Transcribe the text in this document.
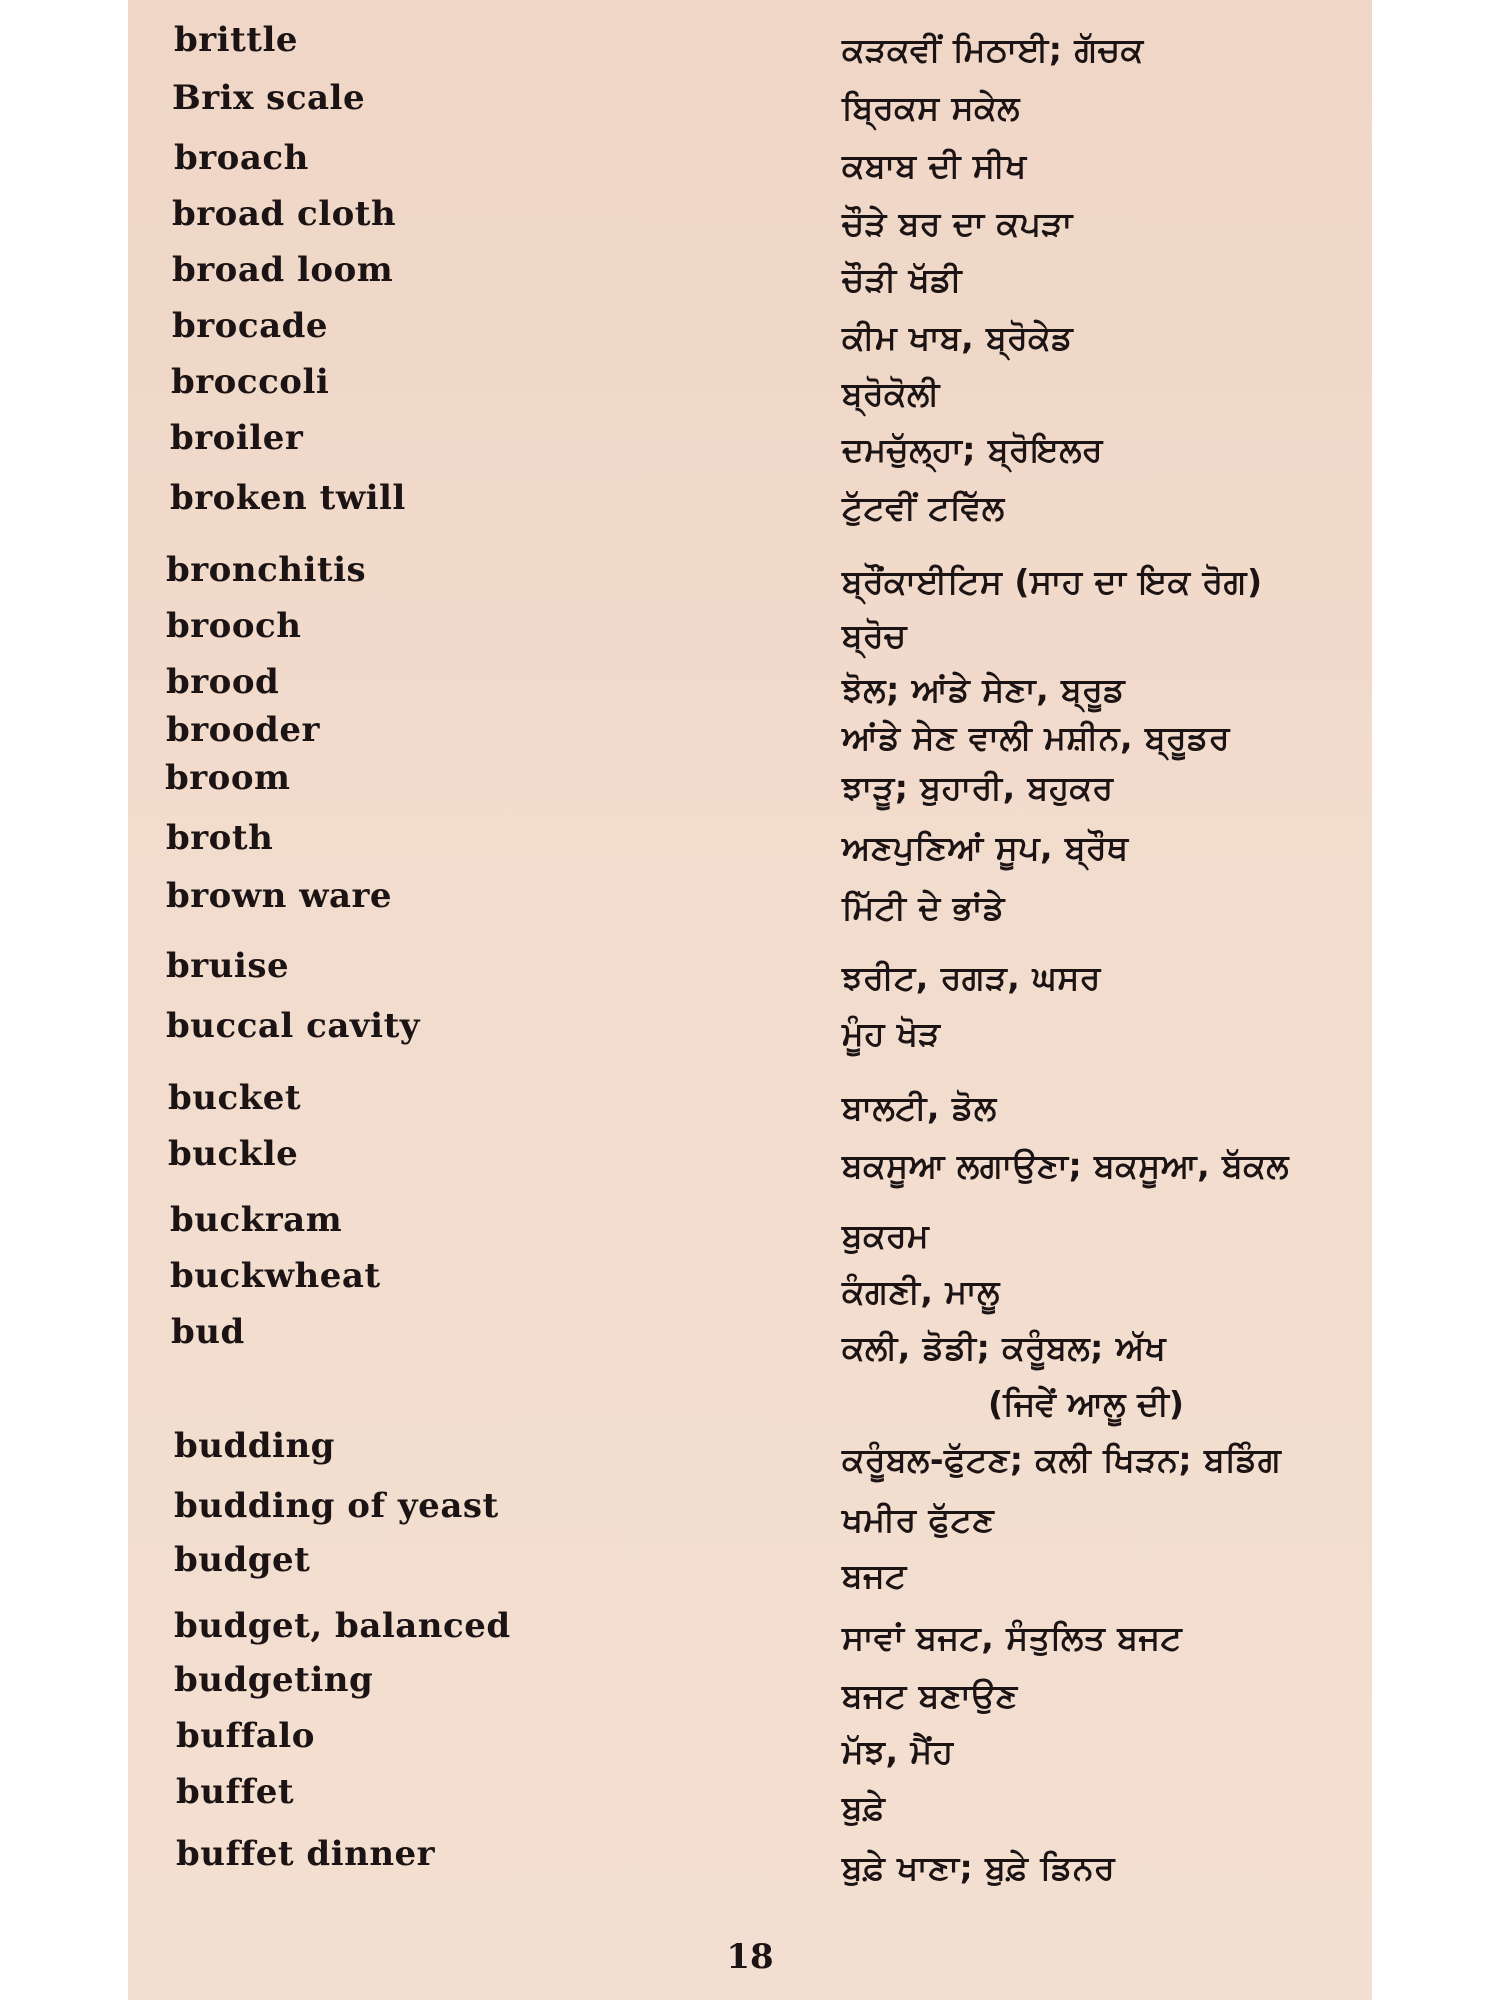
brittle
Brix scale
broach
broad cloth
broad loom
brocade
broccoli
broiler
broken twill
bronchitis
brooch
brood
brooder
broom
broth
brown ware
bruise
buccal cavity
bucket
buckle
buckram
buckwheat
bud
budding
budding of yeast
budget
budget, balanced
budgeting
buffalo
buffet
buffet dinner
ਕੜਕਵੀਂ ਮਿਠਾਈ; ਗੱਚਕ
ਬ੍ਰਿਕਸ ਸਕੇਲ
ਕਬਾਬ ਦੀ ਸੀਖ
ਚੌੜੇ ਬਰ ਦਾ ਕਪੜਾ
ਚੌੜੀ ਖੱਡੀ
ਕੀਮ ਖਾਬ, ਬ੍ਰੋਕੇਡ
ਬ੍ਰੋਕੋਲੀ
ਦਮਚੁੱਲ੍ਹਾ; ਬ੍ਰੋਇਲਰ
ਟੁੱਟਵੀਂ ਟਵਿੱਲ
ਬ੍ਰੌਂਕਾਈਟਿਸ (ਸਾਹ ਦਾ ਇਕ ਰੋਗ)
ਬ੍ਰੋਚ
ਝੋਲ; ਆਂਡੇ ਸੇਣਾ, ਬ੍ਰੂਡ
ਆਂਡੇ ਸੇਣ ਵਾਲੀ ਮਸ਼ੀਨ, ਬ੍ਰੂਡਰ
ਝਾੜੂ; ਬੁਹਾਰੀ, ਬਹੁਕਰ
ਅਣਪੁਣਿਆਂ ਸੂਪ, ਬ੍ਰੌਥ
ਮਿੱਟੀ ਦੇ ਭਾਂਡੇ
ਝਰੀਟ, ਰਗੜ, ਘਸਰ
ਮੂੰਹ ਖੋੜ
ਬਾਲਟੀ, ਡੋਲ
ਬਕਸੂਆ ਲਗਾਉਣਾ; ਬਕਸੂਆ, ਬੱਕਲ
ਬੁਕਰਮ
ਕੰਗਣੀ, ਮਾਲੂ
ਕਲੀ, ਡੋਡੀ; ਕਰੂੰਬਲ; ਅੱਖ
(ਜਿਵੇਂ ਆਲੂ ਦੀ)
ਕਰੂੰਬਲ-ਫੁੱਟਣ; ਕਲੀ ਖਿੜਨ; ਬਡਿੰਗ
ਖਮੀਰ ਫੁੱਟਣ
ਬਜਟ
ਸਾਵਾਂ ਬਜਟ, ਸੰਤੁਲਿਤ ਬਜਟ
ਬਜਟ ਬਣਾਉਣ
ਮੱਝ, ਮੈਂਹ
ਬੁਫ਼ੇ
ਬੁਫ਼ੇ ਖਾਣਾ; ਬੁਫ਼ੇ ਡਿਨਰ
18
